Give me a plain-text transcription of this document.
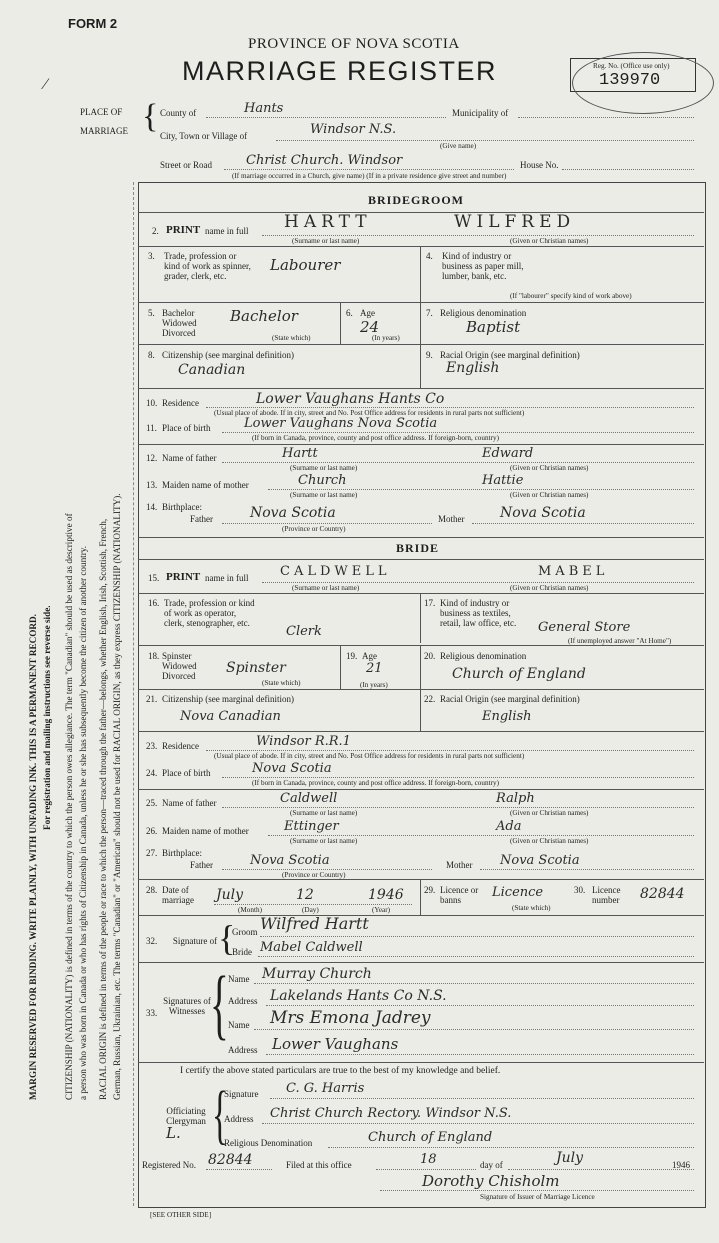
FORM 2
PROVINCE OF NOVA SCOTIA
MARRIAGE REGISTER	Reg. No. (Office use only)
139970
⁄
PLACE OF
MARRIAGE { County of	Hants	Municipality of
City, Town or Village of	Windsor N.S.
(Give name)
Street or Road	Christ Church. Windsor	House No.
(If marriage occurred in a Church, give name) (If in a private residence give street and number)
BRIDEGROOM
2. PRINT name in full HARTT	WILFRED
(Surname or last name)	(Given or Christian names)
3. Trade, profession or kind of work as spinner, grader, clerk, etc.
Labourer	4. Kind of industry or business as paper mill, lumber, bank, etc.
(If "labourer" specify kind of work above)
5. Bachelor Widowed Divorced
Bachelor
(State which)
6. Age
24
(In years)
7. Religious denomination
Baptist
8. Citizenship (see marginal definition)
Canadian
9. Racial Origin (see marginal definition)
English
10. Residence	Lower Vaughans Hants Co
(Usual place of abode. If in city, street and No. Post Office address for residents in rural parts not sufficient)
11. Place of birth	Lower Vaughans Nova Scotia
(If born in Canada, province, county and post office address. If foreign-born, country)
12. Name of father	Hartt	Edward
(Surname or last name)	(Given or Christian names)
13. Maiden name of mother	Church	Hattie
(Surname or last name)	(Given or Christian names)
14. Birthplace:
Father	Nova Scotia	Mother	Nova Scotia
(Province or Country)
BRIDE
15. PRINT name in full CALDWELL	MABEL
(Surname or last name)	(Given or Christian names)
16. Trade, profession or kind of work as operator, clerk, stenographer, etc.
Clerk
17. Kind of industry or business as textiles, retail, law office, etc.	General Store
(If unemployed answer "At Home")
18. Spinster Widowed Divorced	Spinster
(State which)
19. Age
21
(In years)
20. Religious denomination
Church of England
21. Citizenship (see marginal definition)
Nova Canadian
22. Racial Origin (see marginal definition)
English
23. Residence	Windsor R.R.1
(Usual place of abode. If in city, street and No. Post Office address for residents in rural parts not sufficient)
24. Place of birth	Nova Scotia
(If born in Canada, province, county and post office address. If foreign-born, country)
25. Name of father	Caldwell	Ralph
(Surname or last name)	(Given or Christian names)
26. Maiden name of mother	Ettinger	Ada
(Surname or last name)	(Given or Christian names)
27. Birthplace:
Father	Nova Scotia	Mother Nova Scotia
(Province or Country)
28. Date of marriage	July	12	1946
(Month)	(Day)	(Year)
29. Licence or banns	Licence
(State which)
30. Licence number	82844
32.	Signature of {
Groom Wilfred Hartt
Bride Mabel Caldwell
33.
Signatures of Witnesses { Name Murray Church
Address Lakelands Hants Co N.S.
Name Mrs Emona Jadrey
Address Lower Vaughans
I certify the above stated particulars are true to the best of my knowledge and belief.
Officiating Clergyman
L. {
Signature C. G. Harris
Address Christ Church Rectory. Windsor N.S.
Religious Denomination	Church of England
Registered No. 82844	Filed at this office	18	day of	July	1946
Dorothy Chisholm
Signature of Issuer of Marriage Licence
[SEE OTHER SIDE]
MARGIN RESERVED FOR BINDING. WRITE PLAINLY, WITH UNFADING INK. THIS IS A PERMANENT RECORD. For registration and mailing instructions see reverse side. CITIZENSHIP (NATIONALITY) is defined in terms of the country to which the person owes allegiance. The term "Canadian" should be used as descriptive of a person who was born in Canada or who has rights of Citizenship in Canada, unless he or she has subsequently become the citizen of another country. RACIAL ORIGIN is defined in terms of the people or race to which the person—traced through the father—belongs, whether English, Irish, Scottish, French, German, Russian, Ukrainian, etc. The terms "Canadian" or "American" should not be used for RACIAL ORIGIN, as they express CITIZENSHIP (NATIONALITY).
